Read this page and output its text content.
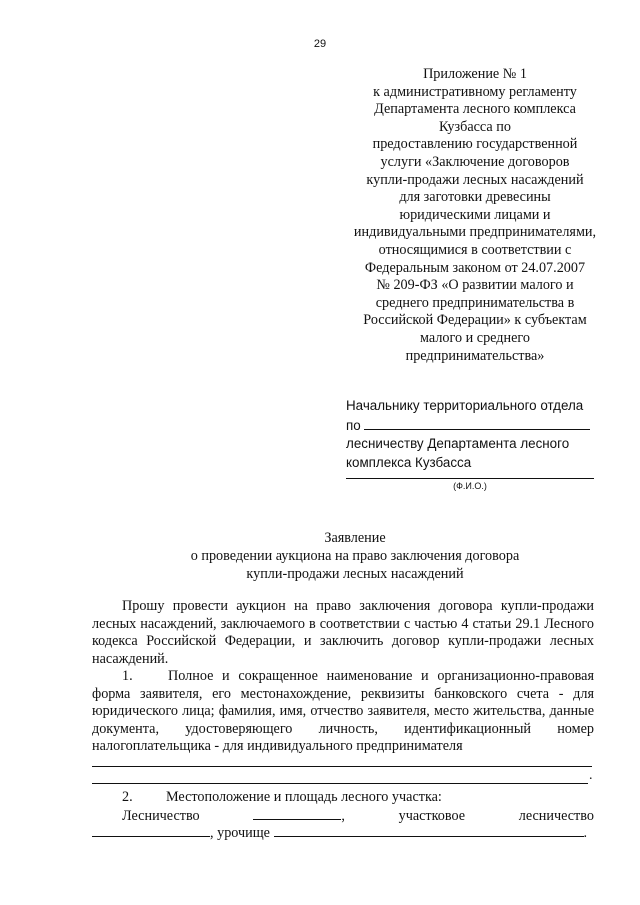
29
Приложение № 1
к административному регламенту
Департамента лесного комплекса
Кузбасса по
предоставлению государственной
услуги «Заключение договоров
купли-продажи лесных насаждений
для заготовки древесины
юридическими лицами и
индивидуальными предпринимателями,
относящимися в соответствии с
Федеральным законом от 24.07.2007
№ 209-ФЗ «О развитии малого и
среднего предпринимательства в
Российской Федерации» к субъектам
малого и среднего
предпринимательства»
Начальнику территориального отдела
по
лесничеству Департамента лесного
комплекса Кузбасса
(Ф.И.О.)
Заявление
о проведении аукциона на право заключения договора
купли-продажи лесных насаждений

Прошу провести аукцион на право заключения договора купли-продажи лесных насаждений, заключаемого в соответствии с частью 4 статьи 29.1 Лесного кодекса Российской Федерации, и заключить договор купли-продажи лесных насаждений.

1. Полное и сокращенное наименование и организационно-правовая форма заявителя, его местонахождение, реквизиты банковского счета - для юридического лица; фамилия, имя, отчество заявителя, место жительства, данные документа, удостоверяющего личность, идентификационный номер налогоплательщика - для индивидуального предпринимателя

.
2. Местоположение и площадь лесного участка:
Лесничество	,	участковое	лесничество
, урочище	.
